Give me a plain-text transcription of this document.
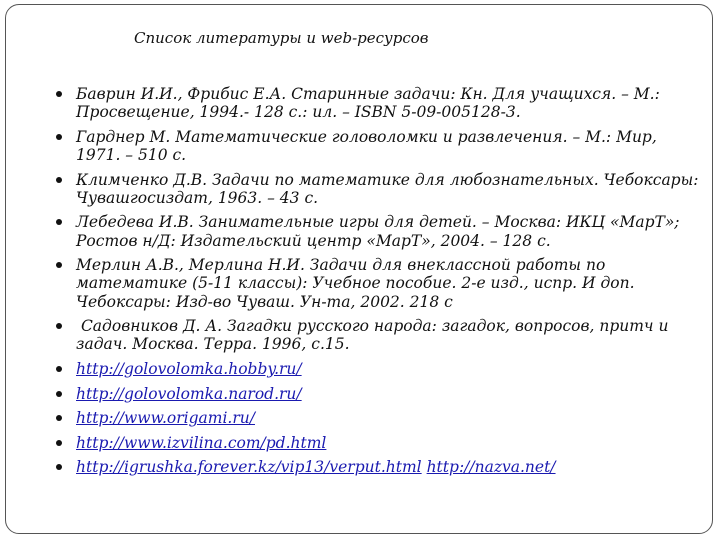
Список литературы и web-ресурсов
Баврин И.И., Фрибис Е.А. Старинные задачи: Кн. Для учащихся. – М.: Просвещение, 1994.- 128 с.: ил. – ISBN 5-09-005128-3.
Гарднер М. Математические головоломки и развлечения. – М.: Мир, 1971. – 510 с.
Климченко Д.В. Задачи по математике для любознательных. Чебоксары: Чувашгосиздат, 1963. – 43 с.
Лебедева И.В. Занимательные игры для детей. – Москва: ИКЦ «МарТ»; Ростов н/Д: Издательский центр «МарТ», 2004. – 128 с.
Мерлин А.В., Мерлина Н.И. Задачи для внеклассной работы по математике (5-11 классы): Учебное пособие. 2-е изд., испр. И доп. Чебоксары: Изд-во Чуваш. Ун-та, 2002. 218 с
Садовников Д. А. Загадки русского народа: загадок, вопросов, притч и задач. Москва. Терра. 1996, с.15.
http://golovolomka.hobby.ru/
http://golovolomka.narod.ru/
http://www.origami.ru/
http://www.izvilina.com/pd.html
http://igrushka.forever.kz/vip13/verput.html http://nazva.net/
